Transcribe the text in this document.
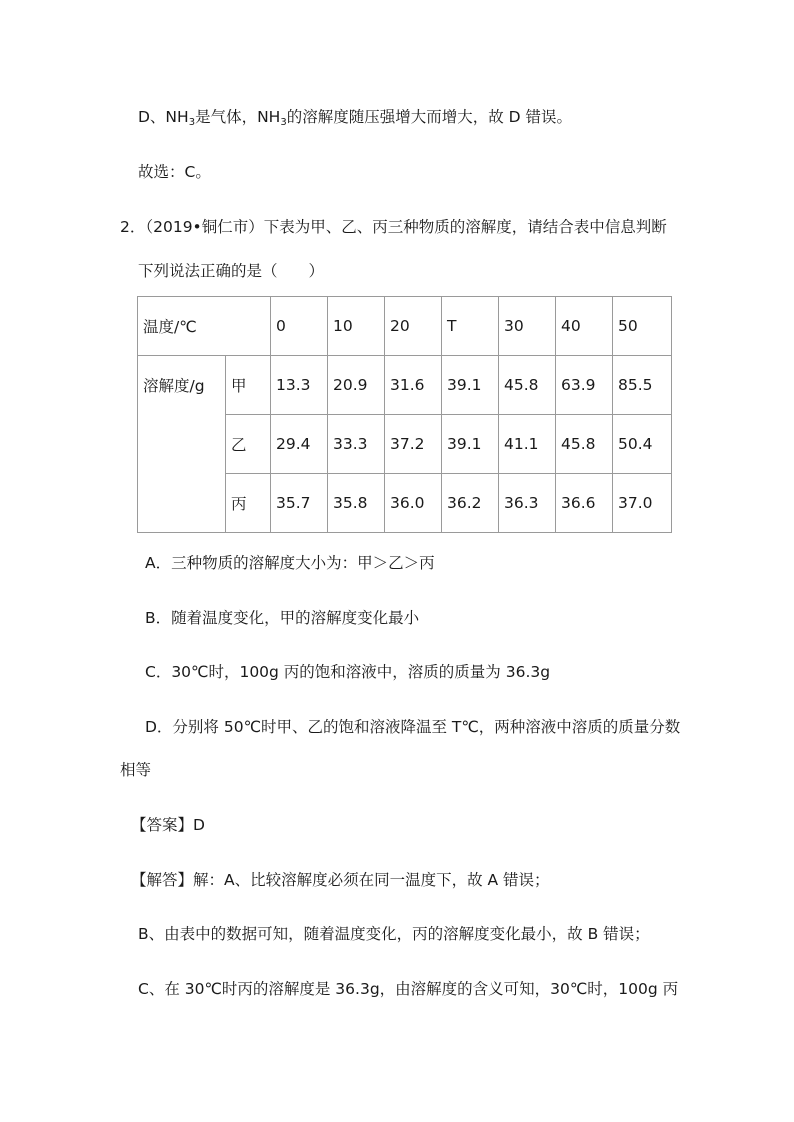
D、$NH_3$是气体，$NH_3$的溶解度随压强增大而增大，故 D 错误。
故选：C。
2．（2019•铜仁市）下表为甲、乙、丙三种物质的溶解度，请结合表中信息判断
下列说法正确的是（　　）
温度/℃		0	10	20	T	30	40	50
溶解度/g	甲	13.3	20.9	31.6	39.1	45.8	63.9	85.5
	乙	29.4	33.3	37.2	39.1	41.1	45.8	50.4
	丙	35.7	35.8	36.0	36.2	36.3	36.6	37.0
A．三种物质的溶解度大小为：甲＞乙＞丙
B．随着温度变化，甲的溶解度变化最小
C．30℃时，100g 丙的饱和溶液中，溶质的质量为 36.3g
D．分别将 50℃时甲、乙的饱和溶液降温至 T℃，两种溶液中溶质的质量分数
相等
【答案】D
【解答】解：A、比较溶解度必须在同一温度下，故 A 错误；
B、由表中的数据可知，随着温度变化，丙的溶解度变化最小，故 B 错误；
C、在 30℃时丙的溶解度是 36.3g，由溶解度的含义可知，30℃时，100g 丙
